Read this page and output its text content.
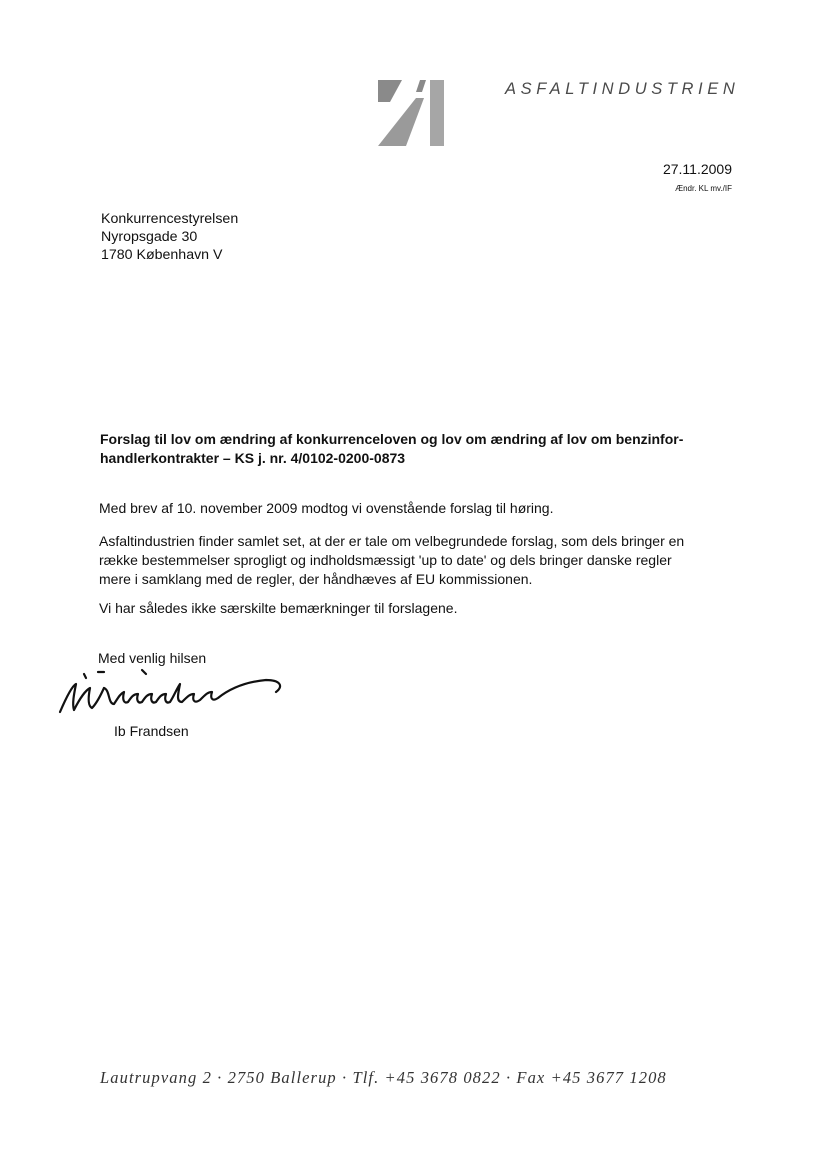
ASFALTINDUSTRIEN
27.11.2009
Ændr. KL mv./IF
Konkurrencestyrelsen
Nyropsgade 30
1780 København V
Forslag til lov om ændring af konkurrenceloven og lov om ændring af lov om benzinfor-
handlerkontrakter – KS j. nr. 4/0102-0200-0873
Med brev af 10. november 2009 modtog vi ovenstående forslag til høring.
Asfaltindustrien finder samlet set, at der er tale om velbegrundede forslag, som dels bringer en
række bestemmelser sprogligt og indholdsmæssigt 'up to date' og dels bringer danske regler
mere i samklang med de regler, der håndhæves af EU kommissionen.
Vi har således ikke særskilte bemærkninger til forslagene.
Med venlig hilsen
Ib Frandsen
Lautrupvang 2 · 2750 Ballerup · Tlf. +45 3678 0822 · Fax +45 3677 1208
